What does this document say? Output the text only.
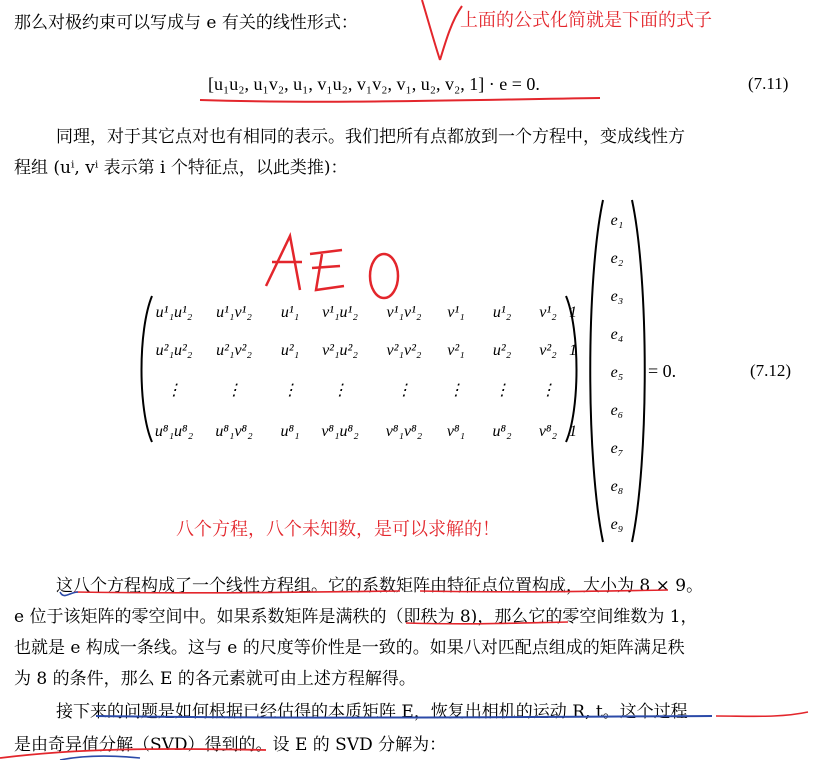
那么对极约束可以写成与 e 有关的线性形式：	上面的公式化简就是下面的式子
[u₁u₂, u₁v₂, u₁, v₁u₂, v₁v₂, v₁, u₂, v₂, 1] · e = 0.	(7.11)
同理，对于其它点对也有相同的表示。我们把所有点都放到一个方程中，变成线性方
程组 (uⁱ, vⁱ 表示第 i 个特征点，以此类推)：
u¹₁u¹₂	u¹₁v¹₂	u¹₁	v¹₁u¹₂	v¹₁v¹₂	v¹₁	u¹₂	v¹₂ 1
u²₁u²₂	u²₁v²₂	u²₁	v²₁u²₂	v²₁v²₂	v²₁	u²₂	v²₂ 1
⋮	⋮	⋮	⋮	⋮	⋮	⋮	⋮
u⁸₁u⁸₂	u⁸₁v⁸₂	u⁸₁	v⁸₁u⁸₂	v⁸₁v⁸₂	v⁸₁	u⁸₂	v⁸₂ 1
e₁
e₂
e₃
e₄
e₅
e₆
e₇
e₈
e₉
= 0.	(7.12)
八个方程，八个未知数，是可以求解的！
这八个方程构成了一个线性方程组。它的系数矩阵由特征点位置构成，大小为 8 × 9。
e 位于该矩阵的零空间中。如果系数矩阵是满秩的（即秩为 8)，那么它的零空间维数为 1，
也就是 e 构成一条线。这与 e 的尺度等价性是一致的。如果八对匹配点组成的矩阵满足秩
为 8 的条件，那么 E 的各元素就可由上述方程解得。
接下来的问题是如何根据已经估得的本质矩阵 E，恢复出相机的运动 R, t。这个过程
是由奇异值分解（SVD）得到的。设 E 的 SVD 分解为：
